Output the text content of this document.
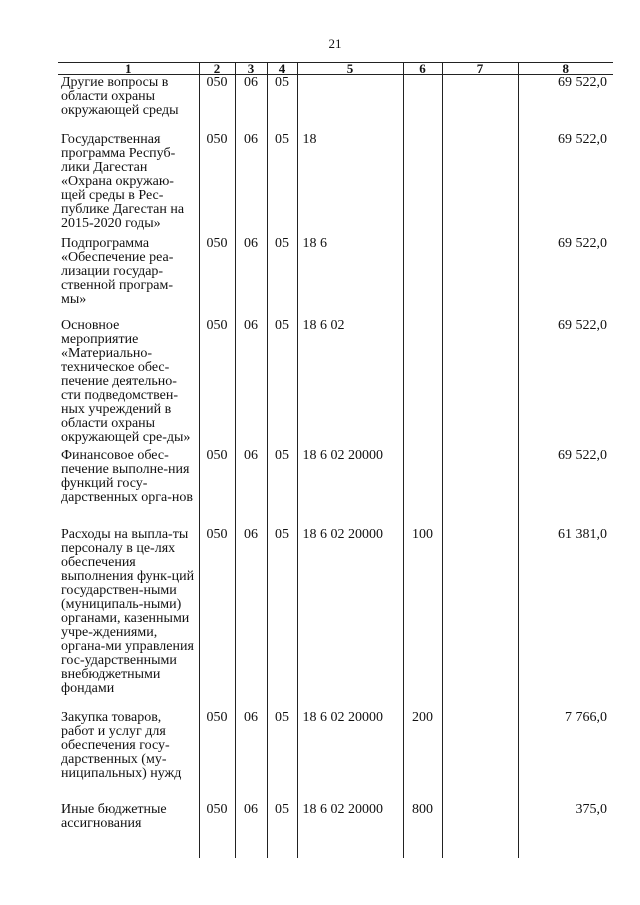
21
1	2	3	4	5	6	7	8
Другие вопросы в области охраны окружающей среды	050	06	05				69 522,0
Государственная программа Респуб-лики Дагестан «Охрана окружаю-щей среды в Рес-публике Дагестан на 2015-2020 годы»	050	06	05	18			69 522,0
Подпрограмма «Обеспечение реа-лизации государ-ственной програм-мы»	050	06	05	18 6			69 522,0
Основное мероприятие «Материально-техническое обес-печение деятельно-сти подведомствен-ных учреждений в области охраны окружающей сре-ды»	050	06	05	18 6 02			69 522,0
Финансовое обес-печение выполне-ния функций госу-дарственных орга-нов	050	06	05	18 6 02 20000			69 522,0
Расходы на выпла-ты персоналу в це-лях обеспечения выполнения функ-ций государствен-ными (муниципаль-ными) органами, казенными учре-ждениями, органа-ми управления гос-ударственными внебюджетными фондами	050	06	05	18 6 02 20000	100		61 381,0
Закупка товаров, работ и услуг для обеспечения госу-дарственных (му-ниципальных) нужд	050	06	05	18 6 02 20000	200		7 766,0
Иные бюджетные ассигнования	050	06	05	18 6 02 20000	800		375,0
